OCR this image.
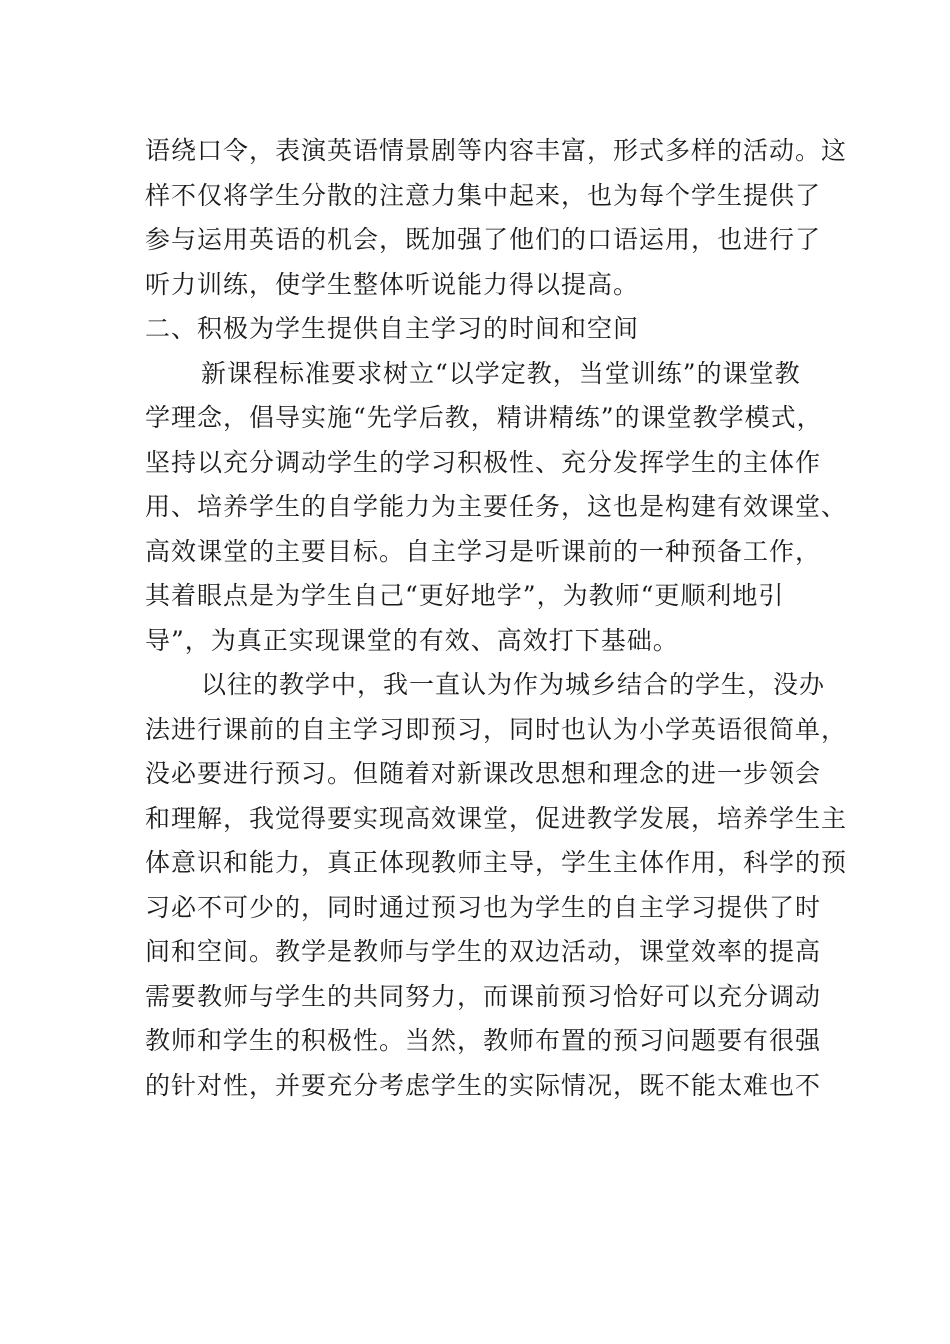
语绕口令，表演英语情景剧等内容丰富，形式多样的活动。这
样不仅将学生分散的注意力集中起来，也为每个学生提供了
参与运用英语的机会，既加强了他们的口语运用，也进行了
听力训练，使学生整体听说能力得以提高。
二、积极为学生提供自主学习的时间和空间
新课程标准要求树立“以学定教，当堂训练”的课堂教
学理念，倡导实施“先学后教，精讲精练”的课堂教学模式，
坚持以充分调动学生的学习积极性、充分发挥学生的主体作
用、培养学生的自学能力为主要任务，这也是构建有效课堂、
高效课堂的主要目标。自主学习是听课前的一种预备工作，
其着眼点是为学生自己“更好地学”，为教师“更顺利地引
导”，为真正实现课堂的有效、高效打下基础。
以往的教学中，我一直认为作为城乡结合的学生，没办
法进行课前的自主学习即预习，同时也认为小学英语很简单，
没必要进行预习。但随着对新课改思想和理念的进一步领会
和理解，我觉得要实现高效课堂，促进教学发展，培养学生主
体意识和能力，真正体现教师主导，学生主体作用，科学的预
习必不可少的，同时通过预习也为学生的自主学习提供了时
间和空间。教学是教师与学生的双边活动，课堂效率的提高
需要教师与学生的共同努力，而课前预习恰好可以充分调动
教师和学生的积极性。当然，教师布置的预习问题要有很强
的针对性，并要充分考虑学生的实际情况，既不能太难也不
